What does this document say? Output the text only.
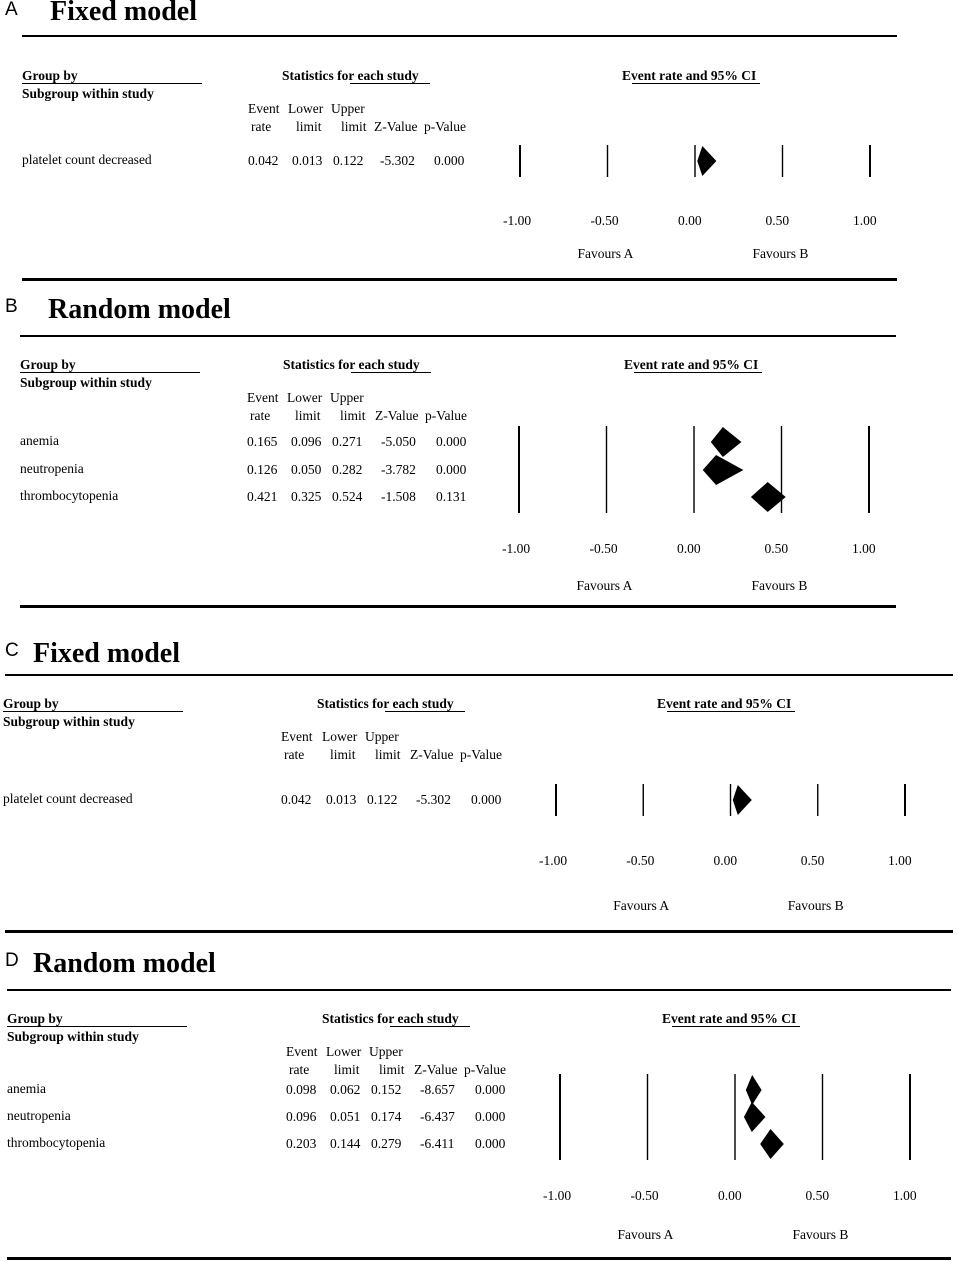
A Fixed model
Group by
Subgroup within study
Statistics for each study	Event rate and 95% CI
Event
rate
Lower
limit
Upper
limit Z-Value p-Value
-1.00	-0.50	0.00	0.50	1.00
Favours A	Favours B
platelet count decreased	0.042 0.013 0.122 -5.302 0.000
B Random model
Group by
Subgroup within study
Statistics for each study	Event rate and 95% CI
Event
rate
Lower
limit
Upper
limit Z-Value p-Value
-1.00	-0.50	0.00	0.50	1.00
Favours A	Favours B
anemia	0.165 0.096 0.271 -5.050 0.000
neutropenia	0.126 0.050 0.282 -3.782 0.000
thrombocytopenia	0.421 0.325 0.524 -1.508 0.131
C Fixed model
Group by
Subgroup within study
Statistics for each study	Event rate and 95% CI
Event
rate
Lower
limit
Upper
limit Z-Value p-Value
-1.00	-0.50	0.00	0.50	1.00
Favours A	Favours B
platelet count decreased	0.042 0.013 0.122 -5.302 0.000
D Random model
Group by
Subgroup within study
Statistics for each study	Event rate and 95% CI
Event
rate
Lower
limit
Upper
limit Z-Value p-Value
-1.00	-0.50	0.00	0.50	1.00
Favours A	Favours B
anemia	0.098 0.062 0.152 -8.657 0.000
neutropenia	0.096 0.051 0.174 -6.437 0.000
thrombocytopenia	0.203 0.144 0.279 -6.411 0.000
